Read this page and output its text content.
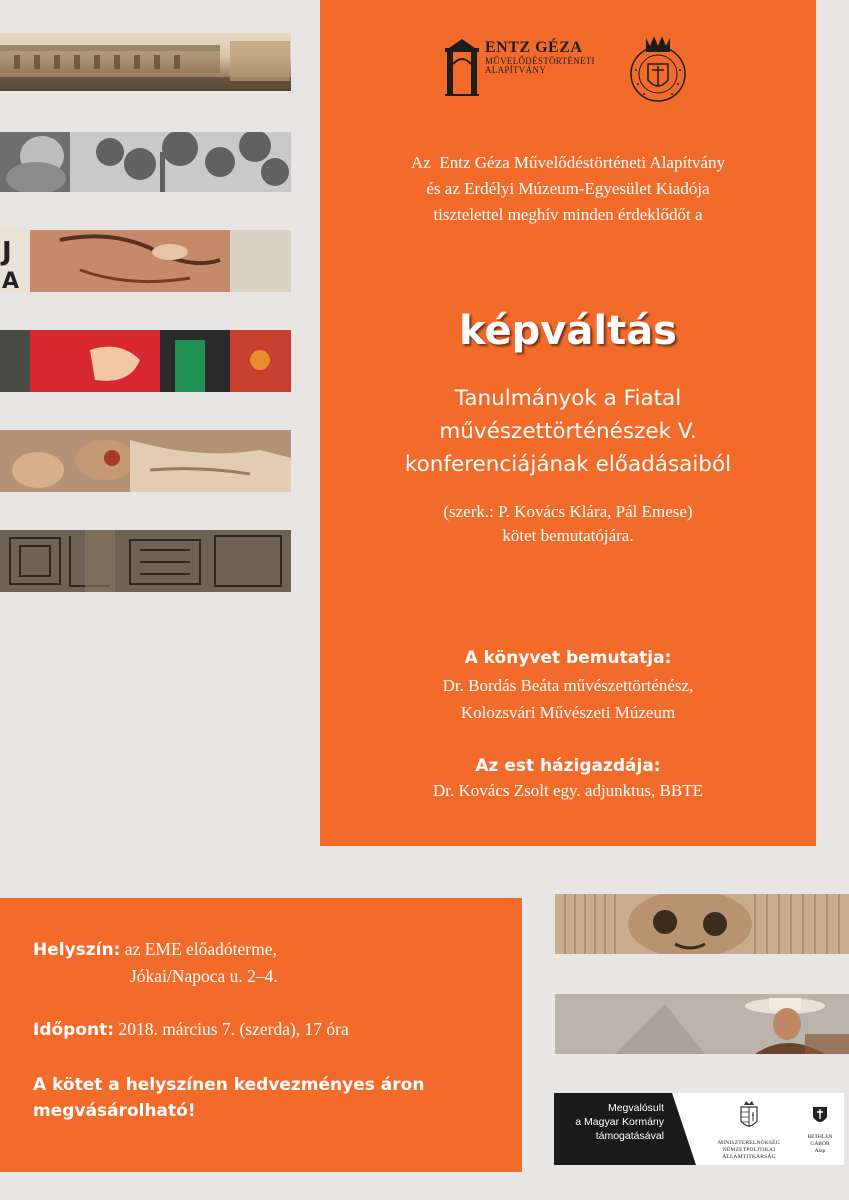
J
A
ENTZ GÉZA
MŰVELŐDÉSTÖRTÉNETI
ALAPÍTVÁNY
Az  Entz Géza Művelődéstörténeti Alapítvány
és az Erdélyi Múzeum-Egyesület Kiadója
tisztelettel meghív minden érdeklődőt a
képváltás
Tanulmányok a Fiatal
művészettörténészek V.
konferenciájának előadásaiból
(szerk.: P. Kovács Klára, Pál Emese)
kötet bemutatójára.
A könyvet bemutatja:
Dr. Bordás Beáta művészettörténész,
Kolozsvári Művészeti Múzeum
Az est házigazdája:
Dr. Kovács Zsolt egy. adjunktus, BBTE
Helyszín: az EME előadóterme,
Jókai/Napoca u. 2–4.
Időpont: 2018. március 7. (szerda), 17 óra
A kötet a helyszínen kedvezményes áron
megvásárolható!	Megvalósult
a Magyar Kormány
támogatásával
MINISZTERELNÖKSÉG
NEMZETPOLITIKAI ÁLLAMTITKÁRSÁG
BETHLEN GÁBOR
Alap
